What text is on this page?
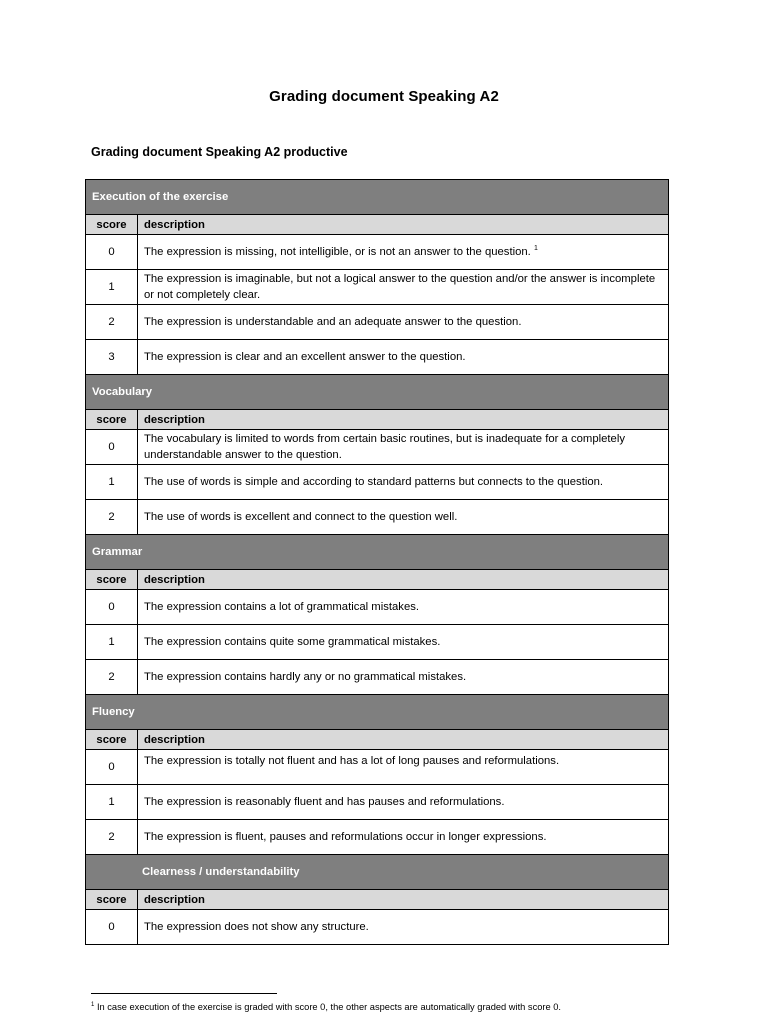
Grading document Speaking A2
Grading document Speaking A2 productive
Execution of the exercise	
score	description
0	The expression is missing, not intelligible, or is not an answer to the question. $^1$
1	The expression is imaginable, but not a logical answer to the question and/or the answer is incomplete or not completely clear.
2	The expression is understandable and an adequate answer to the question.
3	The expression is clear and an excellent answer to the question.
Vocabulary	
score	description
0	The vocabulary is limited to words from certain basic routines, but is inadequate for a completely understandable answer to the question.
1	The use of words is simple and according to standard patterns but connects to the question.
2	The use of words is excellent and connect to the question well.
Grammar	
score	description
0	The expression contains a lot of grammatical mistakes.
1	The expression contains quite some grammatical mistakes.
2	The expression contains hardly any or no grammatical mistakes.
Fluency	
score	description
0	The expression is totally not fluent and has a lot of long pauses and reformulations.
1	The expression is reasonably fluent and has pauses and reformulations.
2	The expression is fluent, pauses and reformulations occur in longer expressions.
Clearness / understandability	
score	description
0	The expression does not show any structure.
$^1$ In case execution of the exercise is graded with score 0, the other aspects are automatically graded with score 0.
